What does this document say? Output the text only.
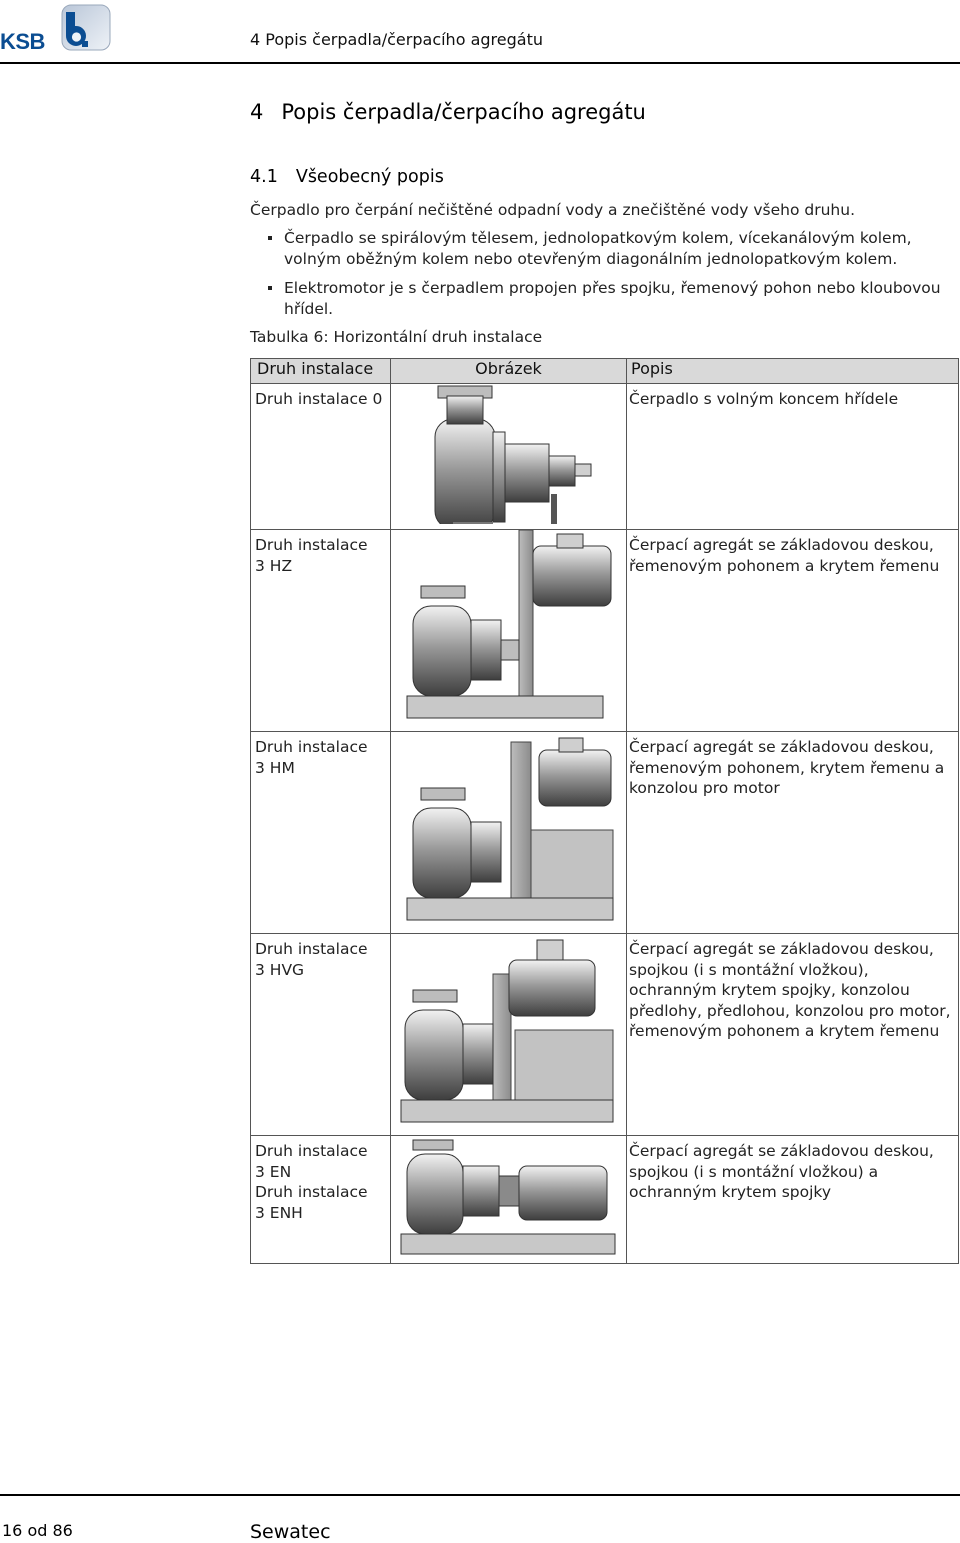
KSB	4 Popis čerpadla/čerpacího agregátu
4 Popis čerpadla/čerpacího agregátu
4.1 Všeobecný popis
Čerpadlo pro čerpání nečištěné odpadní vody a znečištěné vody všeho druhu.
Čerpadlo se spirálovým tělesem, jednolopatkovým kolem, vícekanálovým kolem, volným oběžným kolem nebo otevřeným diagonálním jednolopatkovým kolem.
Elektromotor je s čerpadlem propojen přes spojku, řemenový pohon nebo kloubovou hřídel.
Tabulka 6: Horizontální druh instalace
Druh instalace	Obrázek	Popis

Druh instalace 0		Čerpadlo s volným koncem hřídele

Druh instalace
3 HZ		Čerpací agregát se základovou deskou, řemenovým pohonem a krytem řemenu

Druh instalace
3 HM		Čerpací agregát se základovou deskou, řemenovým pohonem, krytem řemenu a konzolou pro motor

Druh instalace
3 HVG		Čerpací agregát se základovou deskou, spojkou (i s montážní vložkou), ochranným krytem spojky, konzolou předlohy, předlohou, konzolou pro motor, řemenovým pohonem a krytem řemenu

Druh instalace
3 EN
Druh instalace
3 ENH		Čerpací agregát se základovou deskou, spojkou (i s montážní vložkou) a ochranným krytem spojky
16 od 86	Sewatec
